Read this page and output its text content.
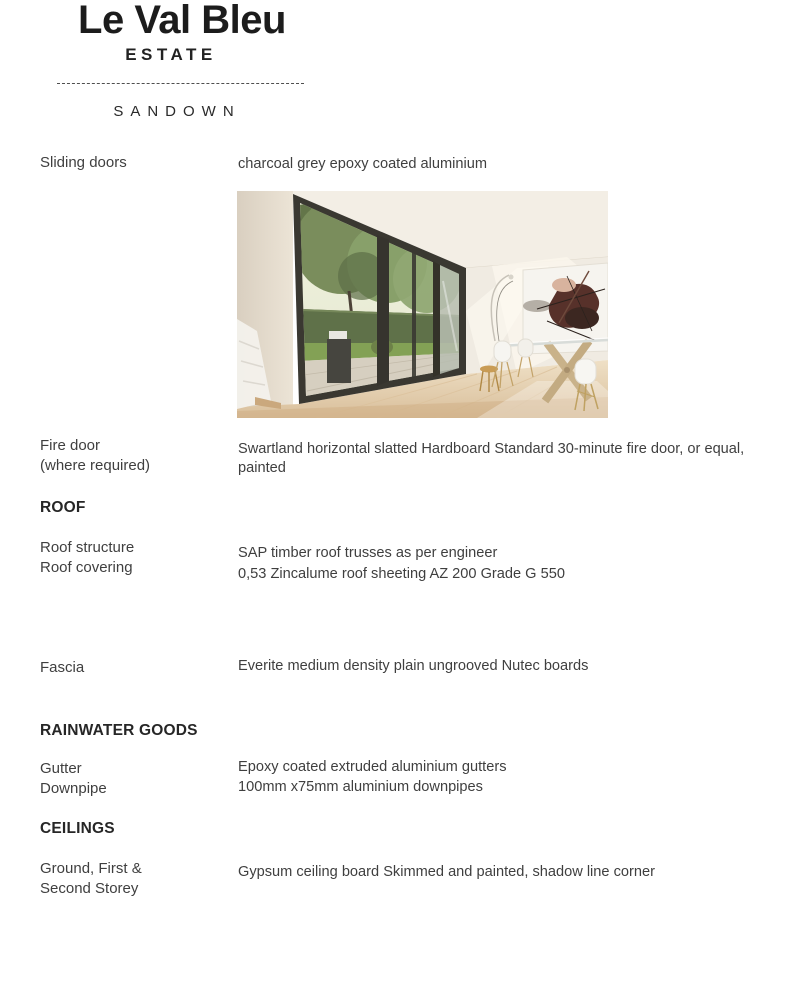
Le Val Bleu
ESTATE
SANDOWN
Sliding doors	charcoal grey epoxy coated aluminium
Fire door
(where required)
Swartland horizontal slatted Hardboard Standard 30-minute fire door, or equal,
painted
ROOF
Roof structure
Roof covering
SAP timber roof trusses as per engineer
0,53 Zincalume roof sheeting AZ 200 Grade G 550
Fascia	Everite medium density plain ungrooved Nutec boards
RAINWATER GOODS
Gutter
Downpipe
Epoxy coated extruded aluminium gutters
100mm x75mm aluminium downpipes
CEILINGS
Ground, First &
Second Storey
Gypsum ceiling board Skimmed and painted, shadow line corner
